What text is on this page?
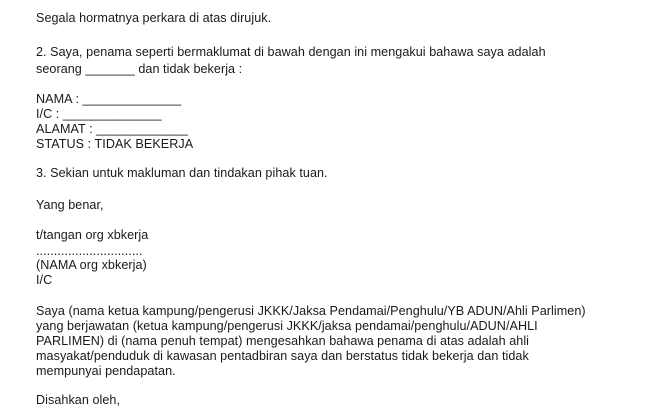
Segala hormatnya perkara di atas dirujuk.
2. Saya, penama seperti bermaklumat di bawah dengan ini mengakui bahawa saya adalah
seorang _______ dan tidak bekerja :
NAMA : ______________
I/C : ______________
ALAMAT : _____________
STATUS : TIDAK BEKERJA
3. Sekian untuk makluman dan tindakan pihak tuan.
Yang benar,
t/tangan org xbkerja
..............................
(NAMA org xbkerja)
I/C
Saya (nama ketua kampung/pengerusi JKKK/Jaksa Pendamai/Penghulu/YB ADUN/Ahli Parlimen)
yang berjawatan (ketua kampung/pengerusi JKKK/jaksa pendamai/penghulu/ADUN/AHLI
PARLIMEN) di (nama penuh tempat) mengesahkan bahawa penama di atas adalah ahli
masyakat/penduduk di kawasan pentadbiran saya dan berstatus tidak bekerja dan tidak
mempunyai pendapatan.
Disahkan oleh,
